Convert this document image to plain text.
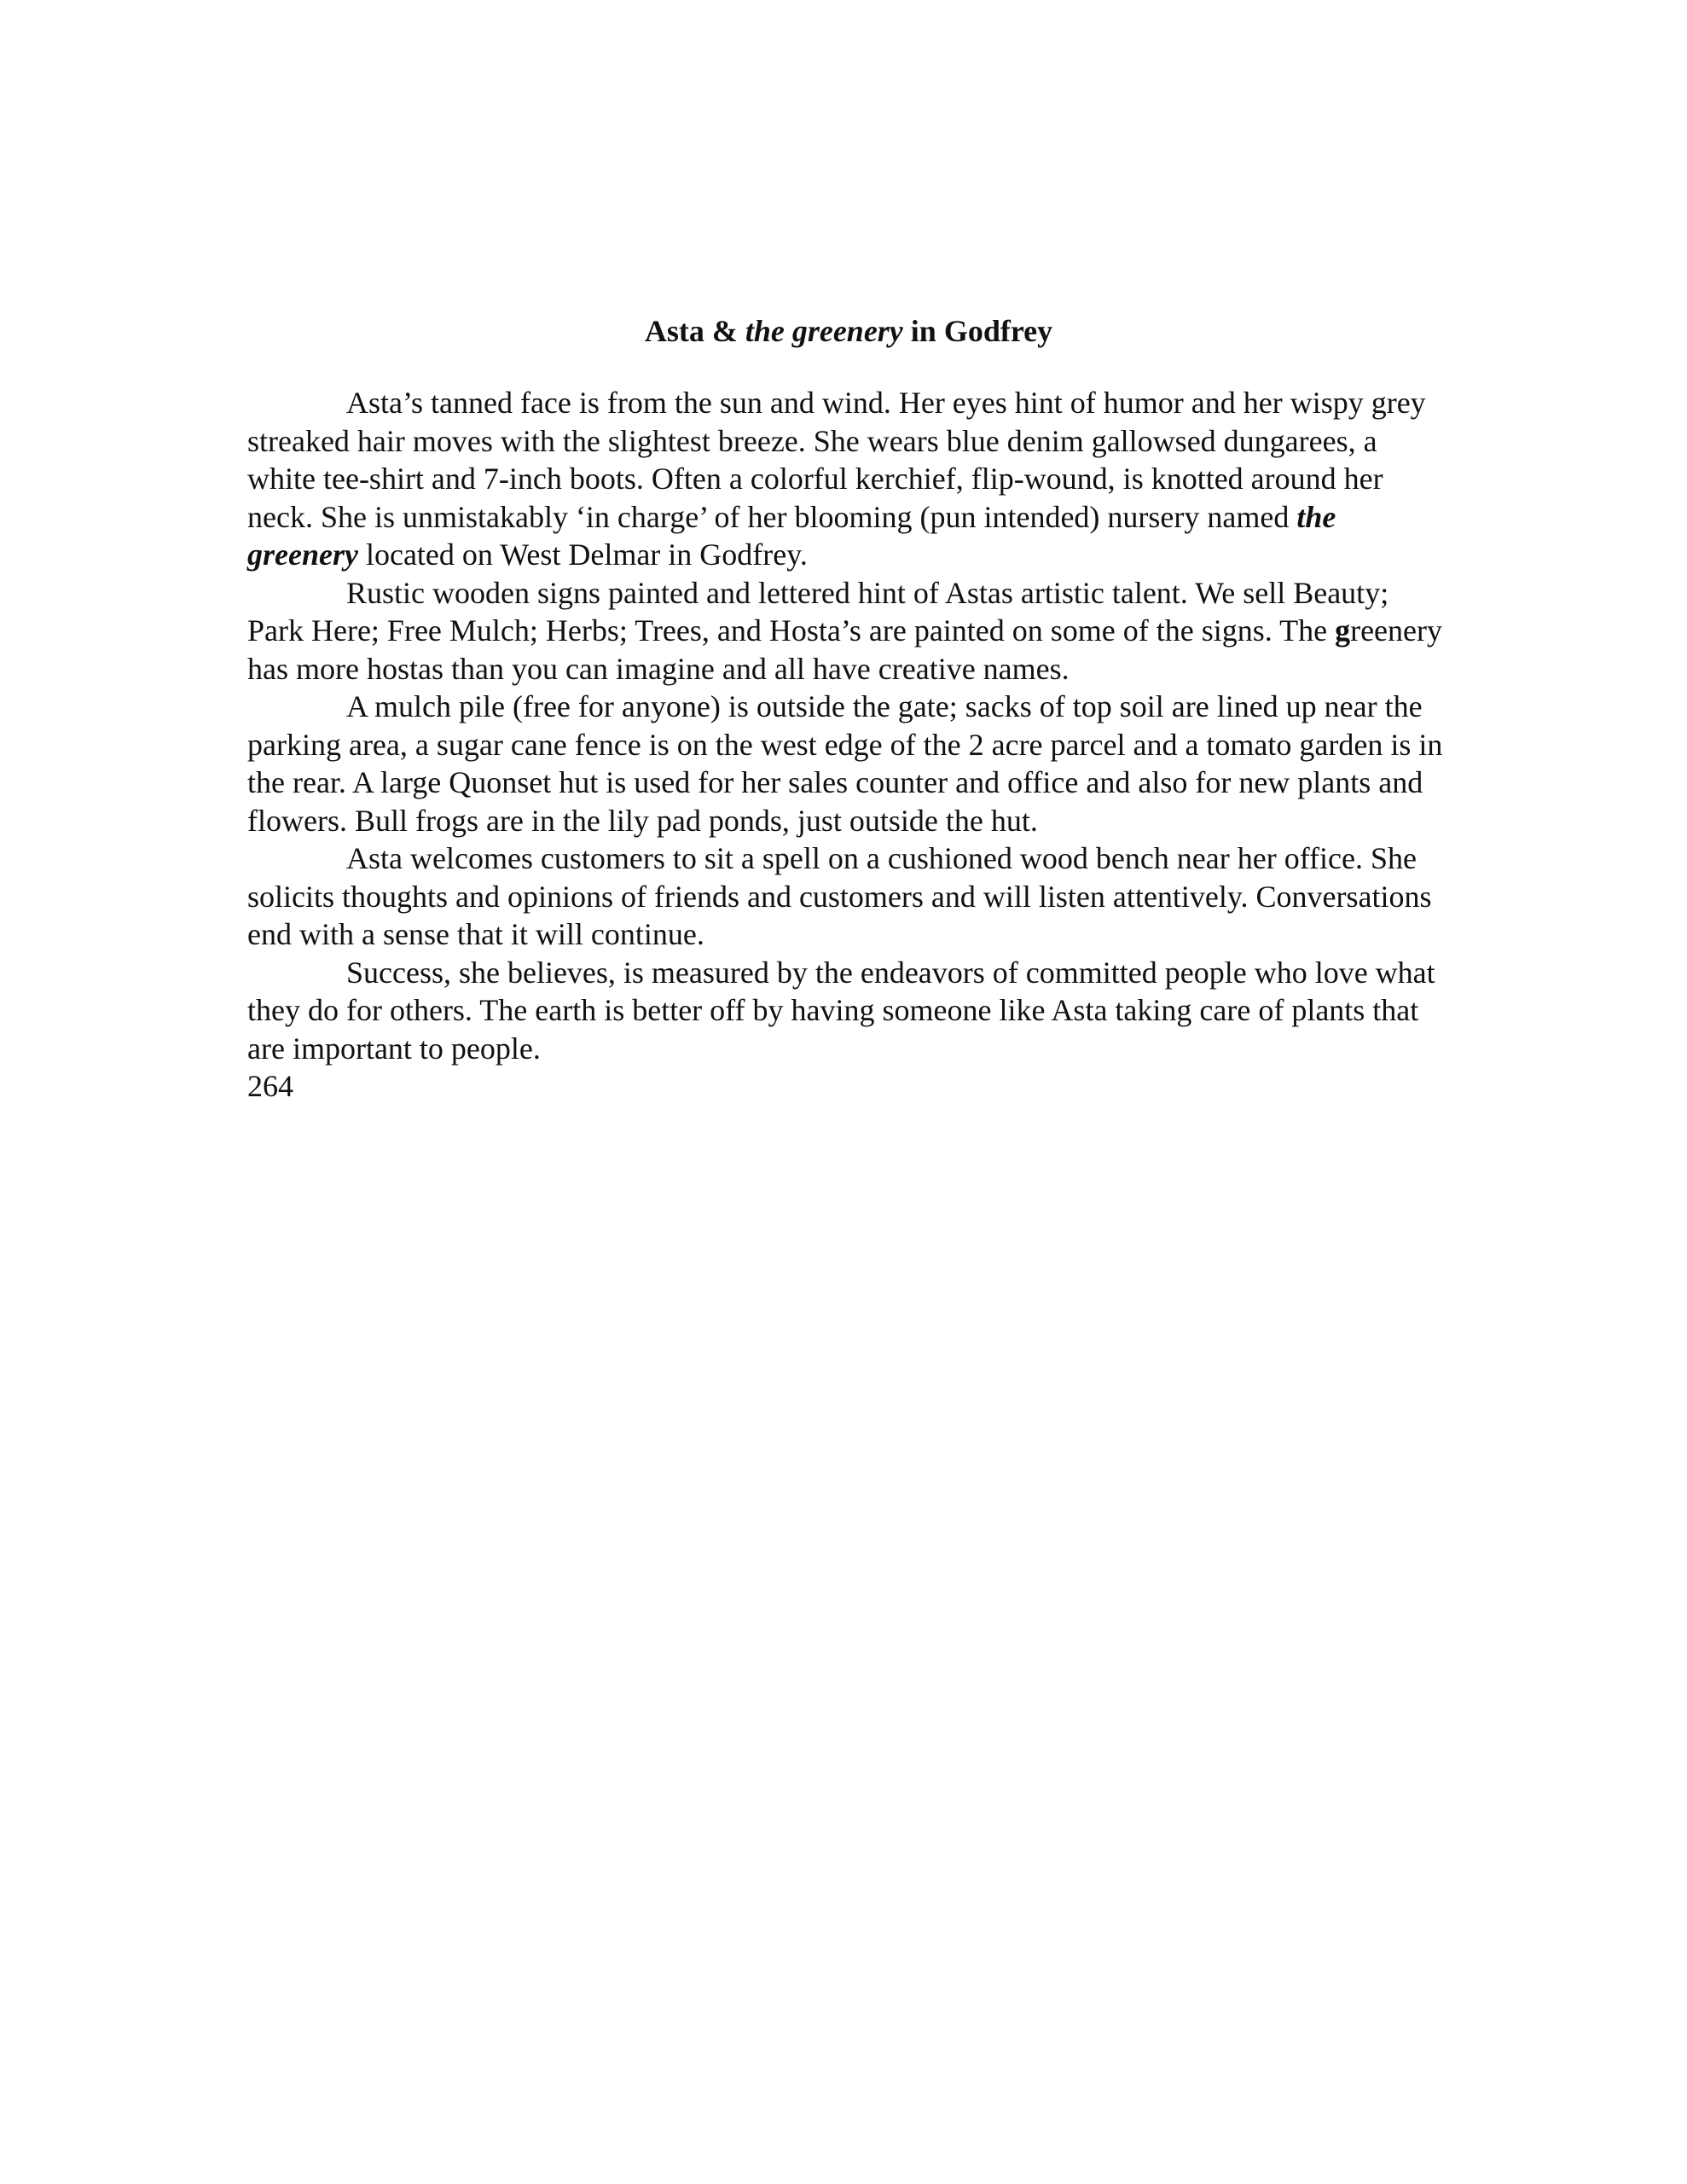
Asta & the greenery in Godfrey

Asta’s tanned face is from the sun and wind. Her eyes hint of humor and her wispy grey streaked hair moves with the slightest breeze. She wears blue denim gallowsed dungarees, a white tee-shirt and 7-inch boots. Often a colorful kerchief, flip-wound, is knotted around her neck. She is unmistakably ‘in charge’ of her blooming (pun intended) nursery named the greenery located on West Delmar in Godfrey.

Rustic wooden signs painted and lettered hint of Astas artistic talent. We sell Beauty; Park Here; Free Mulch; Herbs; Trees, and Hosta’s are painted on some of the signs. The greenery has more hostas than you can imagine and all have creative names.

A mulch pile (free for anyone) is outside the gate; sacks of top soil are lined up near the parking area, a sugar cane fence is on the west edge of the 2 acre parcel and a tomato garden is in the rear. A large Quonset hut is used for her sales counter and office and also for new plants and flowers. Bull frogs are in the lily pad ponds, just outside the hut.

Asta welcomes customers to sit a spell on a cushioned wood bench near her office. She solicits thoughts and opinions of friends and customers and will listen attentively. Conversations end with a sense that it will continue.

Success, she believes, is measured by the endeavors of committed people who love what they do for others. The earth is better off by having someone like Asta taking care of plants that are important to people.

264
